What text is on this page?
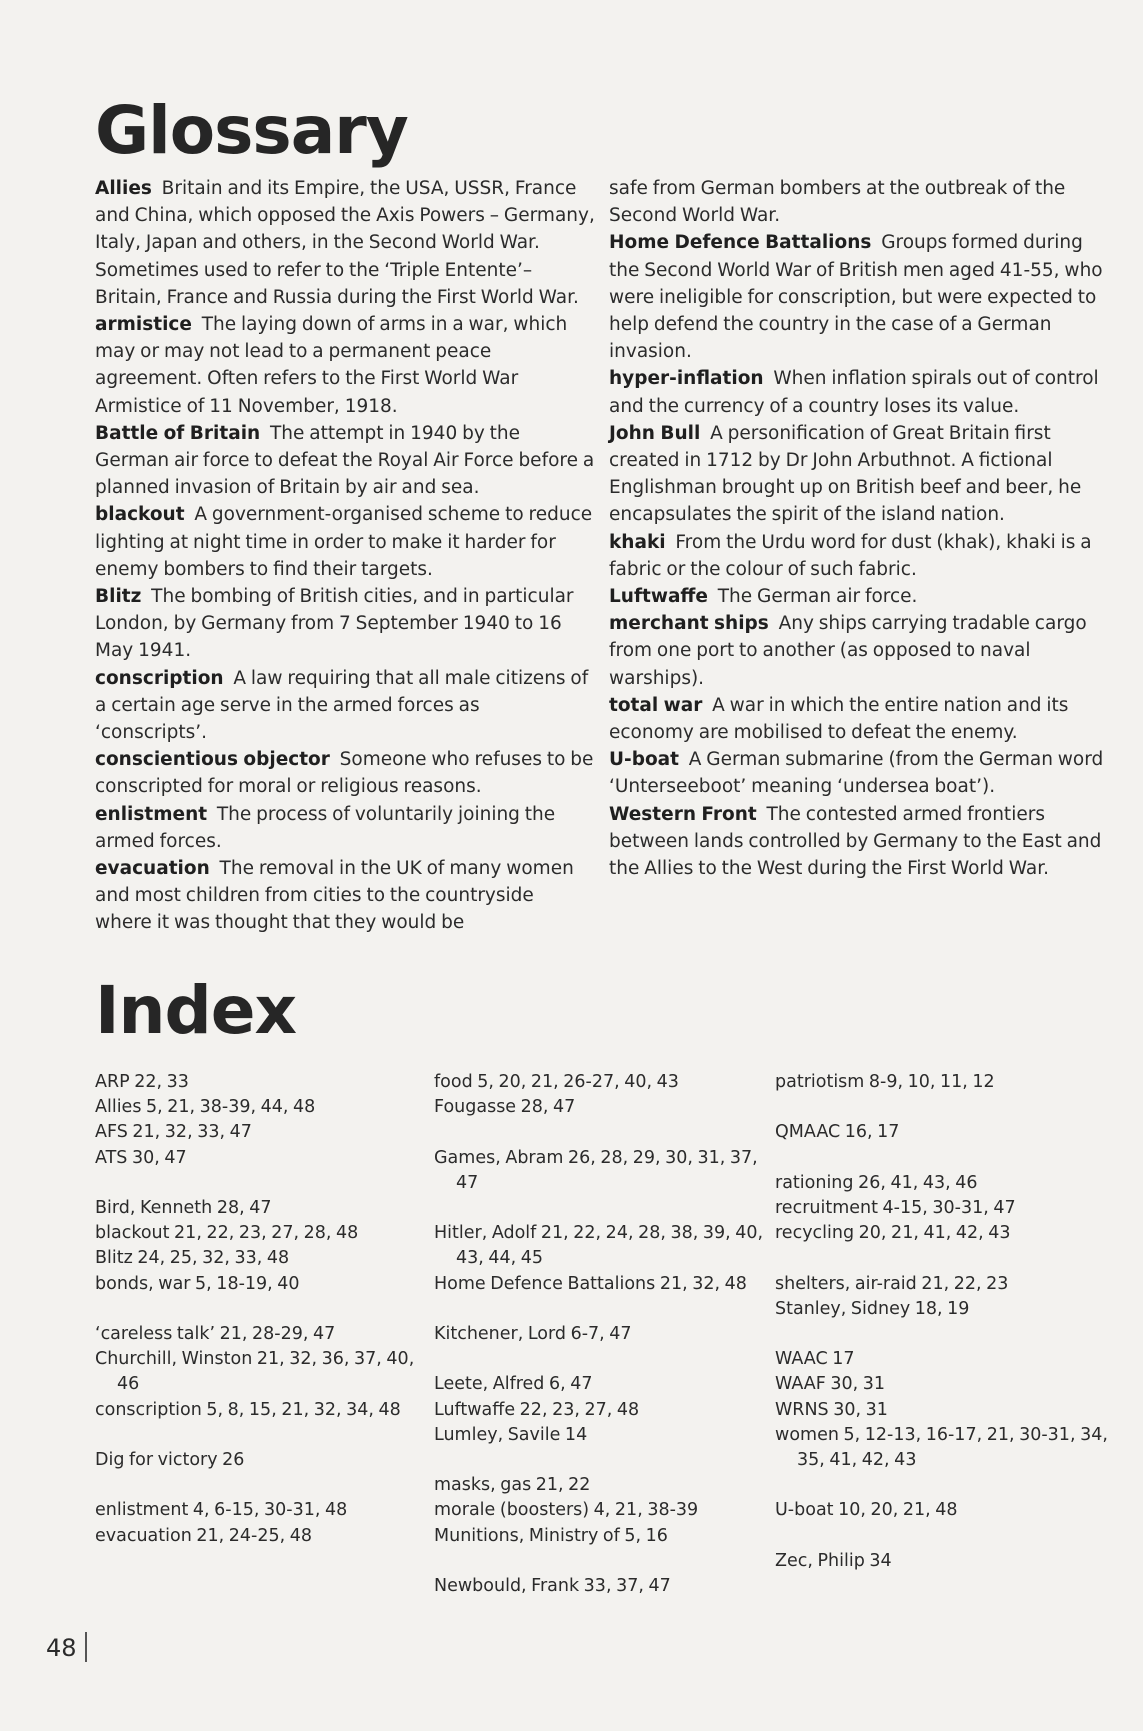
Glossary

Allies Britain and its Empire, the USA, USSR, France and China, which opposed the Axis Powers – Germany, Italy, Japan and others, in the Second World War. Sometimes used to refer to the ‘Triple Entente’– Britain, France and Russia during the First World War.

armistice The laying down of arms in a war, which may or may not lead to a permanent peace agreement. Often refers to the First World War Armistice of 11 November, 1918.

Battle of Britain The attempt in 1940 by the German air force to defeat the Royal Air Force before a planned invasion of Britain by air and sea.

blackout A government-organised scheme to reduce lighting at night time in order to make it harder for enemy bombers to find their targets.

Blitz The bombing of British cities, and in particular London, by Germany from 7 September 1940 to 16 May 1941.

conscription A law requiring that all male citizens of a certain age serve in the armed forces as ‘conscripts’.

conscientious objector Someone who refuses to be conscripted for moral or religious reasons.

enlistment The process of voluntarily joining the armed forces.

evacuation The removal in the UK of many women and most children from cities to the countryside where it was thought that they would be

safe from German bombers at the outbreak of the Second World War.

Home Defence Battalions Groups formed during the Second World War of British men aged 41-55, who were ineligible for conscription, but were expected to help defend the country in the case of a German invasion.

hyper-inflation When inflation spirals out of control and the currency of a country loses its value.

John Bull A personification of Great Britain first created in 1712 by Dr John Arbuthnot. A fictional Englishman brought up on British beef and beer, he encapsulates the spirit of the island nation.

khaki From the Urdu word for dust (khak), khaki is a fabric or the colour of such fabric.

Luftwaffe The German air force.

merchant ships Any ships carrying tradable cargo from one port to another (as opposed to naval warships).

total war A war in which the entire nation and its economy are mobilised to defeat the enemy.

U-boat A German submarine (from the German word ‘Unterseeboot’ meaning ‘undersea boat’).

Western Front The contested armed frontiers between lands controlled by Germany to the East and the Allies to the West during the First World War.

Index
ARP 22, 33
Allies 5, 21, 38-39, 44, 48
AFS 21, 32, 33, 47
ATS 30, 47
Bird, Kenneth 28, 47
blackout 21, 22, 23, 27, 28, 48
Blitz 24, 25, 32, 33, 48
bonds, war 5, 18-19, 40
‘careless talk’ 21, 28-29, 47
Churchill, Winston 21, 32, 36, 37, 40, 46
conscription 5, 8, 15, 21, 32, 34, 48
Dig for victory 26
enlistment 4, 6-15, 30-31, 48
evacuation 21, 24-25, 48
food 5, 20, 21, 26-27, 40, 43
Fougasse 28, 47
Games, Abram 26, 28, 29, 30, 31, 37, 47
Hitler, Adolf 21, 22, 24, 28, 38, 39, 40, 43, 44, 45
Home Defence Battalions 21, 32, 48
Kitchener, Lord 6-7, 47
Leete, Alfred 6, 47
Luftwaffe 22, 23, 27, 48
Lumley, Savile 14
masks, gas 21, 22
morale (boosters) 4, 21, 38-39
Munitions, Ministry of 5, 16
Newbould, Frank 33, 37, 47
patriotism 8-9, 10, 11, 12
QMAAC 16, 17
rationing 26, 41, 43, 46
recruitment 4-15, 30-31, 47
recycling 20, 21, 41, 42, 43
shelters, air-raid 21, 22, 23
Stanley, Sidney 18, 19
WAAC 17
WAAF 30, 31
WRNS 30, 31
women 5, 12-13, 16-17, 21, 30-31, 34, 35, 41, 42, 43
U-boat 10, 20, 21, 48
Zec, Philip 34
48
